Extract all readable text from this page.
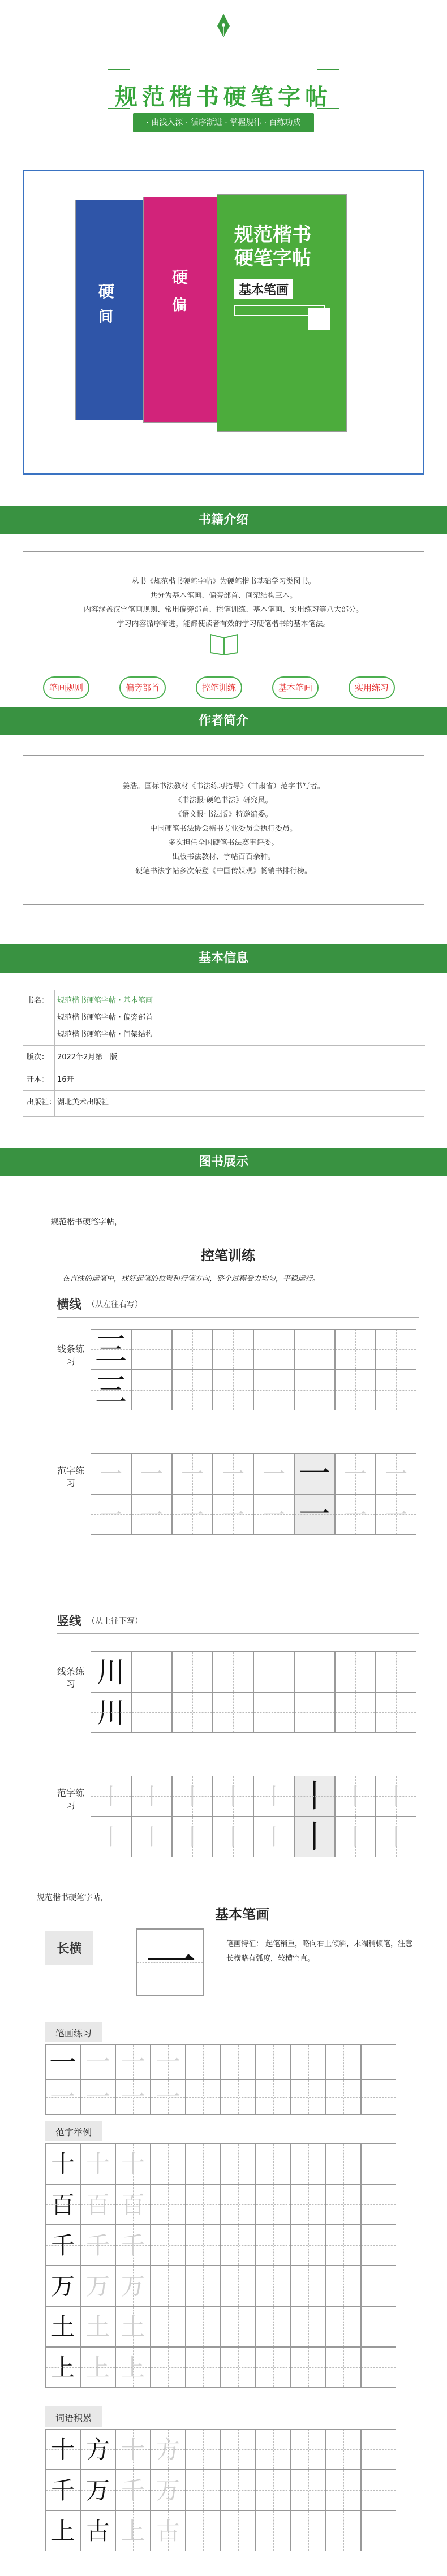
规范楷书硬笔字帖
· 由浅入深 · 循序渐进 · 掌握规律 · 百练功成
硬
间
硬
偏
规范楷书
硬笔字帖
基本笔画
书籍介绍

丛书《规范楷书硬笔字帖》为硬笔楷书基础学习类图书。

共分为基本笔画、偏旁部首、间架结构三本。

内容涵盖汉字笔画规则、常用偏旁部首、控笔训练、基本笔画、实用练习等八大部分。

学习内容循序渐进，能都使读者有效的学习硬笔楷书的基本笔法。

笔画规则	偏旁部首	控笔训练	基本笔画	实用练习
作者简介

姜浩。国标书法教材《书法练习指导》（甘肃省）范字书写者。

《书法报·硬笔书法》研究员。

《语文报·书法版》特邀编委。

中国硬笔书法协会楷书专业委员会执行委员。

多次担任全国硬笔书法赛事评委。

出版书法教材、字帖百百余种。

硬笔书法字帖多次荣登《中国传媒观》畅销书排行榜。

基本信息
书名： 规范楷书硬笔字帖・基本笔画
规范楷书硬笔字帖・偏旁部首
规范楷书硬笔字帖・间架结构
版次： 2022年2月第一版
开本： 16开
出版社： 湖北美术出版社
图书展示
规范楷书硬笔字帖，
控笔训练
在直线的运笔中，找好起笔的位置和行笔方向，整个过程受力均匀，平稳运行。
横线 （从左往右写）
线条练习
范字练习
竖线 （从上往下写）
线条练习
范字练习
规范楷书硬笔字帖，
基本笔画
长横 一	笔画特征： 起笔稍重，略向右上倾斜，末端稍顿笔，注意长横略有弧度，较横空直。
笔画练习
范字举例
词语积累
三
三
一 一 一 一 一 一 一 一
一 一 一 一 一 一 一 一
川
川
丨 丨 丨 丨 丨 丨 丨 丨
丨 丨 丨 丨 丨 丨 丨 丨
一 一 一 一
一 一 一 一
十 十 十
百 百 百
千 千 千
万 万 万
土 土 土
上 上 上
十 方 十 方
千 万 千 万
上 古 上 古
